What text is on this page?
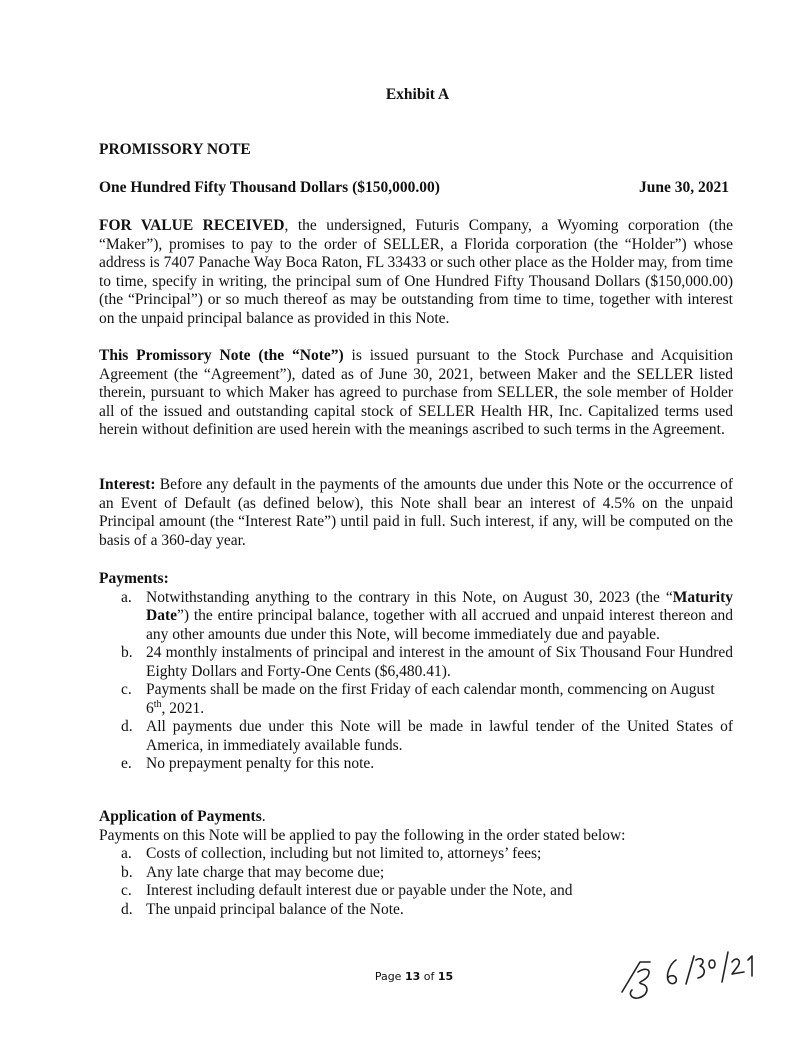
Exhibit A
PROMISSORY NOTE
One Hundred Fifty Thousand Dollars ($150,000.00)	June 30, 2021
FOR VALUE RECEIVED, the undersigned, Futuris Company, a Wyoming corporation (the “Maker”), promises to pay to the order of SELLER, a Florida corporation (the “Holder”) whose address is 7407 Panache Way Boca Raton, FL 33433 or such other place as the Holder may, from time to time, specify in writing, the principal sum of One Hundred Fifty Thousand Dollars ($150,000.00) (the “Principal”) or so much thereof as may be outstanding from time to time, together with interest on the unpaid principal balance as provided in this Note.
This Promissory Note (the “Note”) is issued pursuant to the Stock Purchase and Acquisition Agreement (the “Agreement”), dated as of June 30, 2021, between Maker and the SELLER listed therein, pursuant to which Maker has agreed to purchase from SELLER, the sole member of Holder all of the issued and outstanding capital stock of SELLER Health HR, Inc. Capitalized terms used herein without definition are used herein with the meanings ascribed to such terms in the Agreement.
Interest: Before any default in the payments of the amounts due under this Note or the occurrence of an Event of Default (as defined below), this Note shall bear an interest of 4.5% on the unpaid Principal amount (the “Interest Rate”) until paid in full. Such interest, if any, will be computed on the basis of a 360-day year.
Payments:
a. Notwithstanding anything to the contrary in this Note, on August 30, 2023 (the “Maturity Date”) the entire principal balance, together with all accrued and unpaid interest thereon and any other amounts due under this Note, will become immediately due and payable.
b. 24 monthly instalments of principal and interest in the amount of Six Thousand Four Hundred Eighty Dollars and Forty-One Cents ($6,480.41).
c. Payments shall be made on the first Friday of each calendar month, commencing on August 6th, 2021.
d. All payments due under this Note will be made in lawful tender of the United States of America, in immediately available funds.
e. No prepayment penalty for this note.
Application of Payments.
Payments on this Note will be applied to pay the following in the order stated below:
a. Costs of collection, including but not limited to, attorneys’ fees;
b. Any late charge that may become due;
c. Interest including default interest due or payable under the Note, and
d. The unpaid principal balance of the Note.
Page 13 of 15
